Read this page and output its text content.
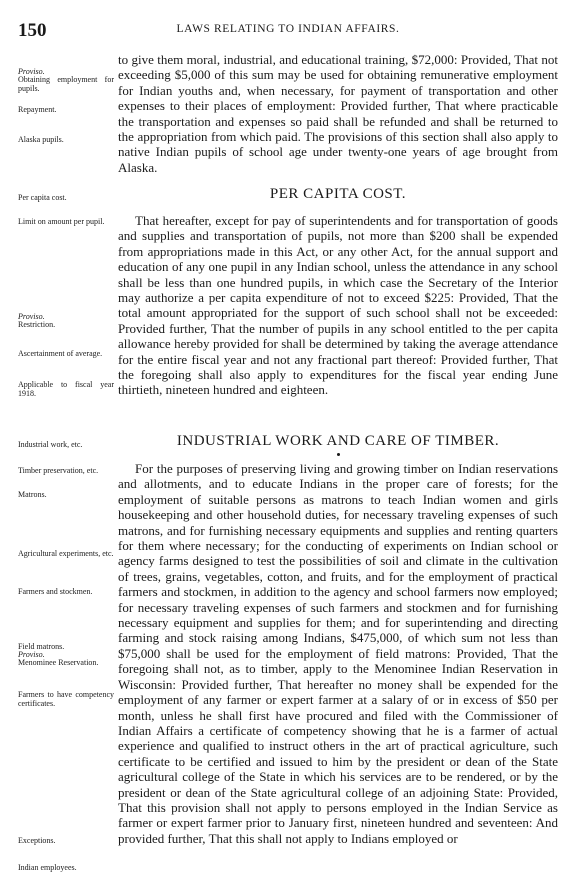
150	LAWS RELATING TO INDIAN AFFAIRS.
Proviso.
Obtaining employment for pupils.
Repayment.
Alaska pupils.
Per capita cost.
Limit on amount per pupil.
Proviso.
Restriction.
Ascertainment of average.
Applicable to fiscal year 1918.
Industrial work, etc.
Timber preservation, etc.
Matrons.
Agricultural experiments, etc.
Farmers and stockmen.
Field matrons.
Proviso.
Menominee Reservation.
Farmers to have competency certificates.
Exceptions.
Indian employees.

to give them moral, industrial, and educational training, $72,000: Provided, That not exceeding $5,000 of this sum may be used for obtaining remunerative employment for Indian youths and, when necessary, for payment of transportation and other expenses to their places of employment: Provided further, That where practicable the transportation and expenses so paid shall be refunded and shall be returned to the appropriation from which paid. The provisions of this section shall also apply to native Indian pupils of school age under twenty-one years of age brought from Alaska.

PER CAPITA COST.

That hereafter, except for pay of superintendents and for transportation of goods and supplies and transportation of pupils, not more than $200 shall be expended from appropriations made in this Act, or any other Act, for the annual support and education of any one pupil in any Indian school, unless the attendance in any school shall be less than one hundred pupils, in which case the Secretary of the Interior may authorize a per capita expenditure of not to exceed $225: Provided, That the total amount appropriated for the support of such school shall not be exceeded: Provided further, That the number of pupils in any school entitled to the per capita allowance hereby provided for shall be determined by taking the average attendance for the entire fiscal year and not any fractional part thereof: Provided further, That the foregoing shall also apply to expenditures for the fiscal year ending June thirtieth, nineteen hundred and eighteen.

INDUSTRIAL WORK AND CARE OF TIMBER.

For the purposes of preserving living and growing timber on Indian reservations and allotments, and to educate Indians in the proper care of forests; for the employment of suitable persons as matrons to teach Indian women and girls housekeeping and other household duties, for necessary traveling expenses of such matrons, and for furnishing necessary equipments and supplies and renting quarters for them where necessary; for the conducting of experiments on Indian school or agency farms designed to test the possibilities of soil and climate in the cultivation of trees, grains, vegetables, cotton, and fruits, and for the employment of practical farmers and stockmen, in addition to the agency and school farmers now employed; for necessary traveling expenses of such farmers and stockmen and for furnishing necessary equipment and supplies for them; and for superintending and directing farming and stock raising among Indians, $475,000, of which sum not less than $75,000 shall be used for the employment of field matrons: Provided, That the foregoing shall not, as to timber, apply to the Menominee Indian Reservation in Wisconsin: Provided further, That hereafter no money shall be expended for the employment of any farmer or expert farmer at a salary of or in excess of $50 per month, unless he shall first have procured and filed with the Commissioner of Indian Affairs a certificate of competency showing that he is a farmer of actual experience and qualified to instruct others in the art of practical agriculture, such certificate to be certified and issued to him by the president or dean of the State agricultural college of the State in which his services are to be rendered, or by the president or dean of the State agricultural college of an adjoining State: Provided, That this provision shall not apply to persons employed in the Indian Service as farmer or expert farmer prior to January first, nineteen hundred and seventeen: And provided further, That this shall not apply to Indians employed or
